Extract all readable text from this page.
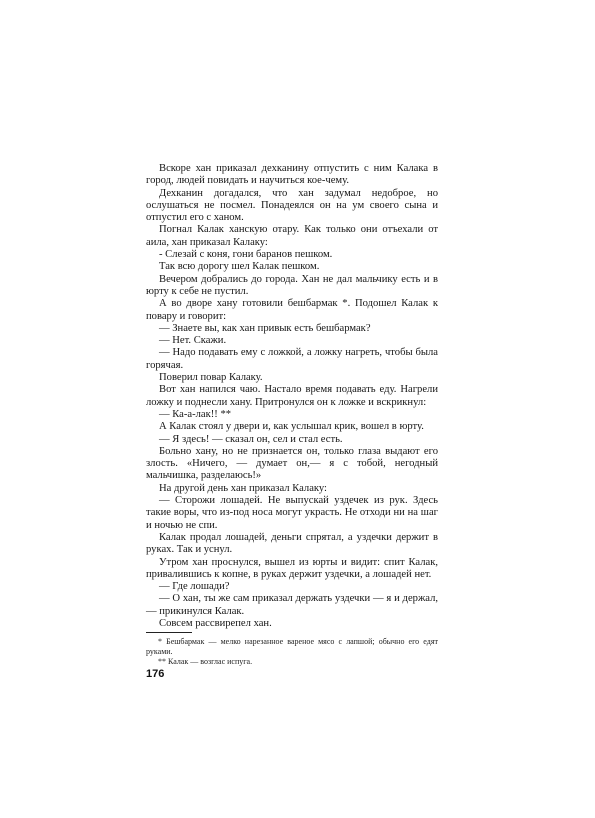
Вскоре хан приказал дехканину отпустить с ним Калака в город, людей повидать и научиться кое-чему.

Дехканин догадался, что хан задумал недоброе, но ослушаться не посмел. Понадеялся он на ум своего сына и отпустил его с ханом.

Погнал Калак ханскую отару. Как только они отъехали от аила, хан приказал Калаку:

- Слезай с коня, гони баранов пешком.

Так всю дорогу шел Калак пешком.

Вечером добрались до города. Хан не дал мальчику есть и в юрту к себе не пустил.

А во дворе хану готовили бешбармак *. Подошел Калак к повару и говорит:

— Знаете вы, как хан привык есть бешбармак?

— Нет. Скажи.

— Надо подавать ему с ложкой, а ложку нагреть, чтобы была горячая.

Поверил повар Калаку.

Вот хан напился чаю. Настало время подавать еду. Нагрели ложку и поднесли хану. Притронулся он к ложке и вскрикнул:

— Ка-а-лак!! **

А Калак стоял у двери и, как услышал крик, вошел в юрту.

— Я здесь! — сказал он, сел и стал есть.

Больно хану, но не признается он, только глаза выдают его злость. «Ничего, — думает он,— я с тобой, негодный мальчишка, разделаюсь!»

На другой день хан приказал Калаку:

— Сторожи лошадей. Не выпускай уздечек из рук. Здесь такие воры, что из-под носа могут украсть. Не отходи ни на шаг и ночью не спи.

Калак продал лошадей, деньги спрятал, а уздечки держит в руках. Так и уснул.

Утром хан проснулся, вышел из юрты и видит: спит Калак, привалившись к копне, в руках держит уздечки, а лошадей нет.

— Где лошади?

— О хан, ты же сам приказал держать уздечки — я и держал,— прикинулся Калак.

Совсем рассвирепел хан.

* Бешбармак — мелко нарезанное вареное мясо с лапшой; обычно его едят руками.

** Калак — возглас испуга.

176
